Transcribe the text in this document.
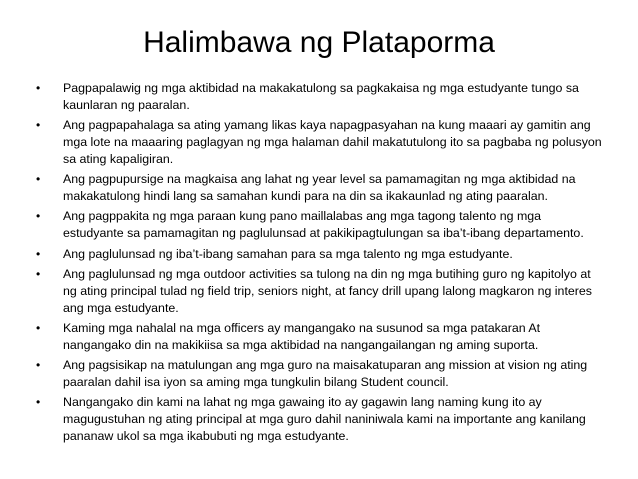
Halimbawa ng Plataporma
•	Pagpapalawig ng mga aktibidad na makakatulong sa pagkakaisa ng mga estudyante tungo sa kaunlaran ng paaralan.
•	Ang pagpapahalaga sa ating yamang likas kaya napagpasyahan na kung maaari ay gamitin ang mga lote na maaaring paglagyan ng mga halaman dahil makatutulong ito sa pagbaba ng polusyon sa ating kapaligiran.
•	Ang pagpupursige na magkaisa ang lahat ng year level sa pamamagitan ng mga aktibidad na makakatulong hindi lang sa samahan kundi para na din sa ikakaunlad ng ating paaralan.
•	Ang pagppakita ng mga paraan kung pano maillalabas ang mga tagong talento ng mga estudyante sa pamamagitan ng paglulunsad at pakikipagtulungan sa iba’t-ibang departamento.
•	Ang paglulunsad ng iba’t-ibang samahan para sa mga talento ng mga estudyante.
•	Ang paglulunsad ng mga outdoor activities sa tulong na din ng mga butihing guro ng kapitolyo at ng ating principal tulad ng field trip, seniors night, at fancy drill upang lalong magkaron ng interes ang mga estudyante.
•	Kaming mga nahalal na mga officers ay mangangako na susunod sa mga patakaran At nangangako din na makikiisa sa mga aktibidad na nangangailangan ng aming suporta.
•	Ang pagsisikap na matulungan ang mga guro na maisakatuparan ang mission at vision ng ating paaralan dahil isa iyon sa aming mga tungkulin bilang Student council.
•	Nangangako din kami na lahat ng mga gawaing ito ay gagawin lang naming kung ito ay magugustuhan ng ating principal at mga guro dahil naniniwala kami na importante ang kanilang pananaw ukol sa mga ikabubuti ng mga estudyante.
